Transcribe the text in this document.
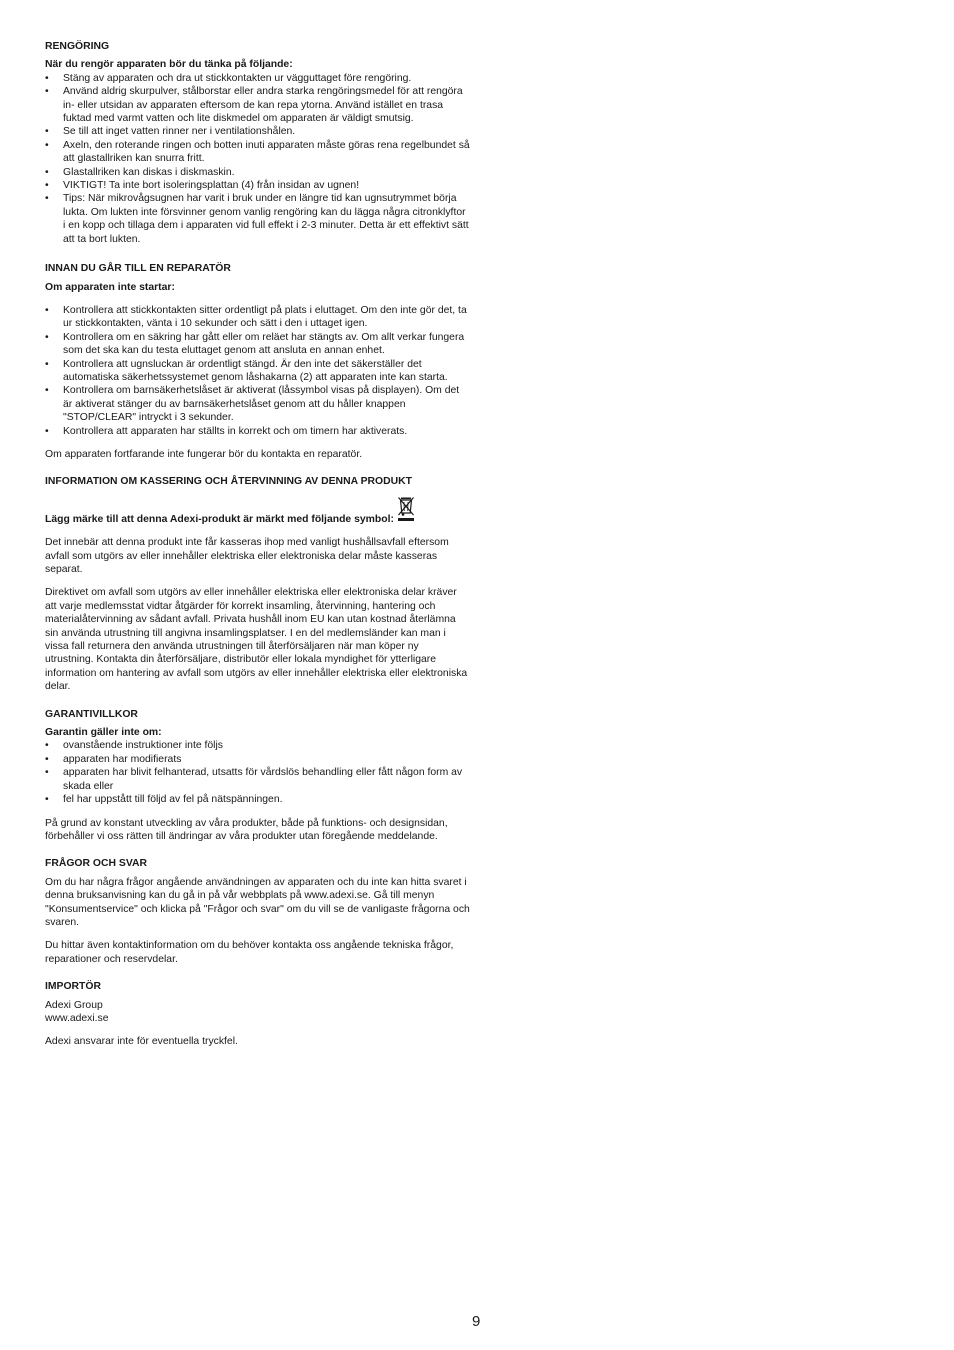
RENGÖRING
När du rengör apparaten bör du tänka på följande:
• Stäng av apparaten och dra ut stickkontakten ur vägguttaget före rengöring.
• Använd aldrig skurpulver, stålborstar eller andra starka rengöringsmedel för att rengöra in- eller utsidan av apparaten eftersom de kan repa ytorna. Använd istället en trasa fuktad med varmt vatten och lite diskmedel om apparaten är väldigt smutsig.
• Se till att inget vatten rinner ner i ventilationshålen.
• Axeln, den roterande ringen och botten inuti apparaten måste göras rena regelbundet så att glastallriken kan snurra fritt.
• Glastallriken kan diskas i diskmaskin.
• VIKTIGT! Ta inte bort isoleringsplattan (4) från insidan av ugnen!
• Tips: När mikrovågsugnen har varit i bruk under en längre tid kan ugnsutrymmet börja lukta. Om lukten inte försvinner genom vanlig rengöring kan du lägga några citronklyftor i en kopp och tillaga dem i apparaten vid full effekt i 2-3 minuter. Detta är ett effektivt sätt att ta bort lukten.
INNAN DU GÅR TILL EN REPARATÖR
Om apparaten inte startar:
• Kontrollera att stickkontakten sitter ordentligt på plats i eluttaget. Om den inte gör det, ta ur stickkontakten, vänta i 10 sekunder och sätt i den i uttaget igen.
• Kontrollera om en säkring har gått eller om reläet har stängts av. Om allt verkar fungera som det ska kan du testa eluttaget genom att ansluta en annan enhet.
• Kontrollera att ugnsluckan är ordentligt stängd. Är den inte det säkerställer det automatiska säkerhetssystemet genom låshakarna (2) att apparaten inte kan starta.
• Kontrollera om barnsäkerhetslåset är aktiverat (låssymbol visas på displayen). Om det är aktiverat stänger du av barnsäkerhetslåset genom att du håller knappen "STOP/CLEAR" intryckt i 3 sekunder.
• Kontrollera att apparaten har ställts in korrekt och om timern har aktiverats.

Om apparaten fortfarande inte fungerar bör du kontakta en reparatör.

INFORMATION OM KASSERING OCH ÅTERVINNING AV DENNA PRODUKT
Lägg märke till att denna Adexi-produkt är märkt med följande symbol:

Det innebär att denna produkt inte får kasseras ihop med vanligt hushållsavfall eftersom avfall som utgörs av eller innehåller elektriska eller elektroniska delar måste kasseras separat.

Direktivet om avfall som utgörs av eller innehåller elektriska eller elektroniska delar kräver att varje medlemsstat vidtar åtgärder för korrekt insamling, återvinning, hantering och materialåtervinning av sådant avfall. Privata hushåll inom EU kan utan kostnad återlämna sin använda utrustning till angivna insamlingsplatser. I en del medlemsländer kan man i vissa fall returnera den använda utrustningen till återförsäljaren när man köper ny utrustning. Kontakta din återförsäljare, distributör eller lokala myndighet för ytterligare information om hantering av avfall som utgörs av eller innehåller elektriska eller elektroniska delar.

GARANTIVILLKOR
Garantin gäller inte om:
• ovanstående instruktioner inte följs
• apparaten har modifierats
• apparaten har blivit felhanterad, utsatts för vårdslös behandling eller fått någon form av skada eller
• fel har uppstått till följd av fel på nätspänningen.

På grund av konstant utveckling av våra produkter, både på funktions- och designsidan, förbehåller vi oss rätten till ändringar av våra produkter utan föregående meddelande.

FRÅGOR OCH SVAR

Om du har några frågor angående användningen av apparaten och du inte kan hitta svaret i denna bruksanvisning kan du gå in på vår webbplats på www.adexi.se. Gå till menyn "Konsumentservice" och klicka på "Frågor och svar" om du vill se de vanligaste frågorna och svaren.

Du hittar även kontaktinformation om du behöver kontakta oss angående tekniska frågor, reparationer och reservdelar.

IMPORTÖR
Adexi Group
www.adexi.se

Adexi ansvarar inte för eventuella tryckfel.

9
